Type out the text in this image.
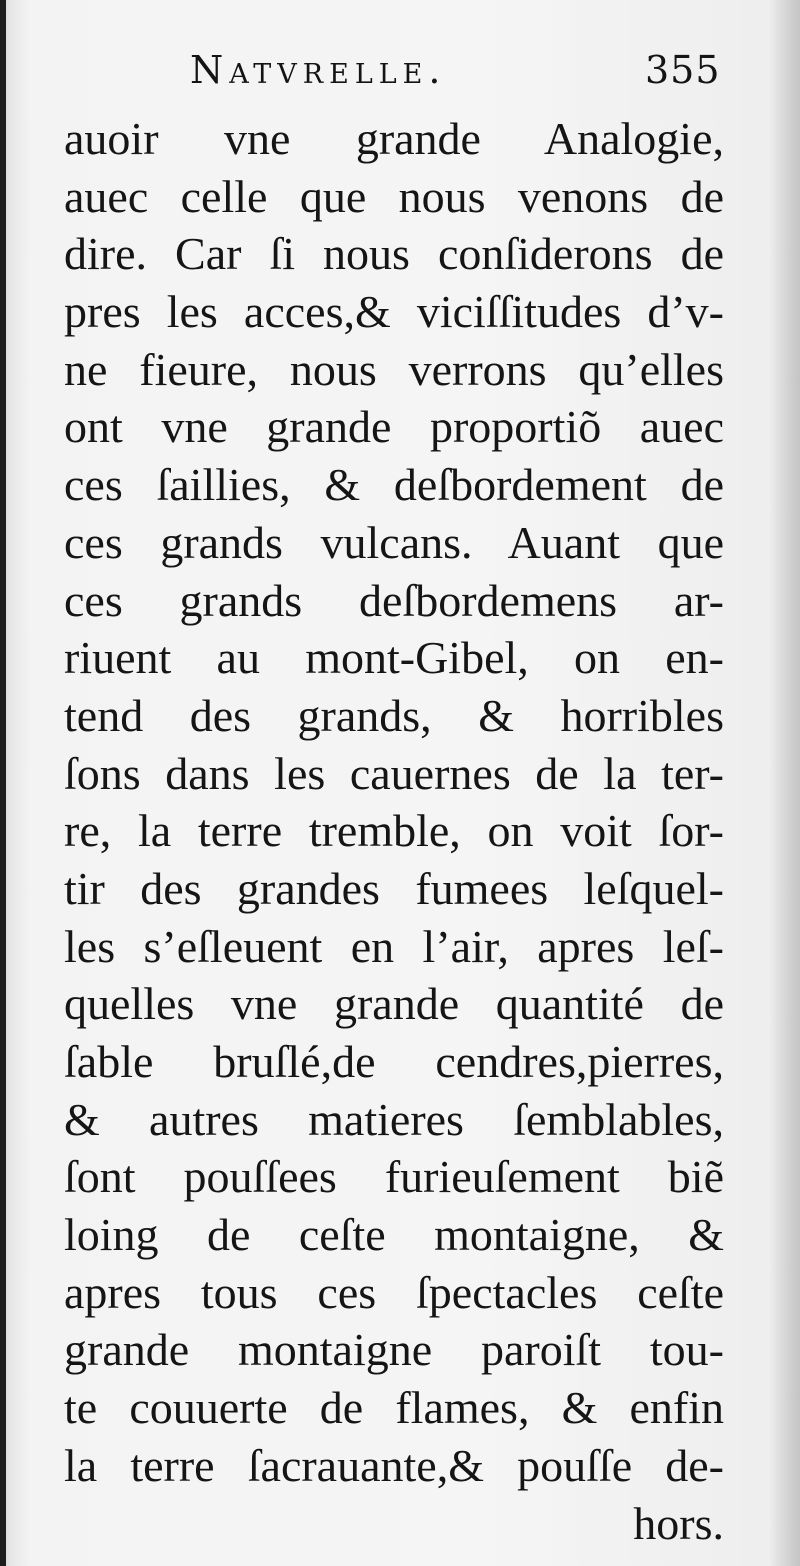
Natvrelle.	355
auoir vne grande Analogie,
auec celle que nous venons de
dire. Car ſi nous conſiderons de
pres les acces,& viciſſitudes d’v-
ne fieure, nous verrons qu’elles
ont vne grande proportiõ auec
ces ſaillies, & deſbordement de
ces grands vulcans. Auant que
ces grands deſbordemens ar-
riuent au mont-Gibel, on en-
tend des grands, & horribles
ſons dans les cauernes de la ter-
re, la terre tremble, on voit ſor-
tir des grandes fumees leſquel-
les s’eſleuent en l’air, apres leſ-
quelles vne grande quantité de
ſable bruſlé,de cendres,pierres,
& autres matieres ſemblables,
ſont pouſſees furieuſement biẽ
loing de ceſte montaigne, &
apres tous ces ſpectacles ceſte
grande montaigne paroiſt tou-
te couuerte de flames, & enfin
la terre ſacrauante,& pouſſe de-
hors.
